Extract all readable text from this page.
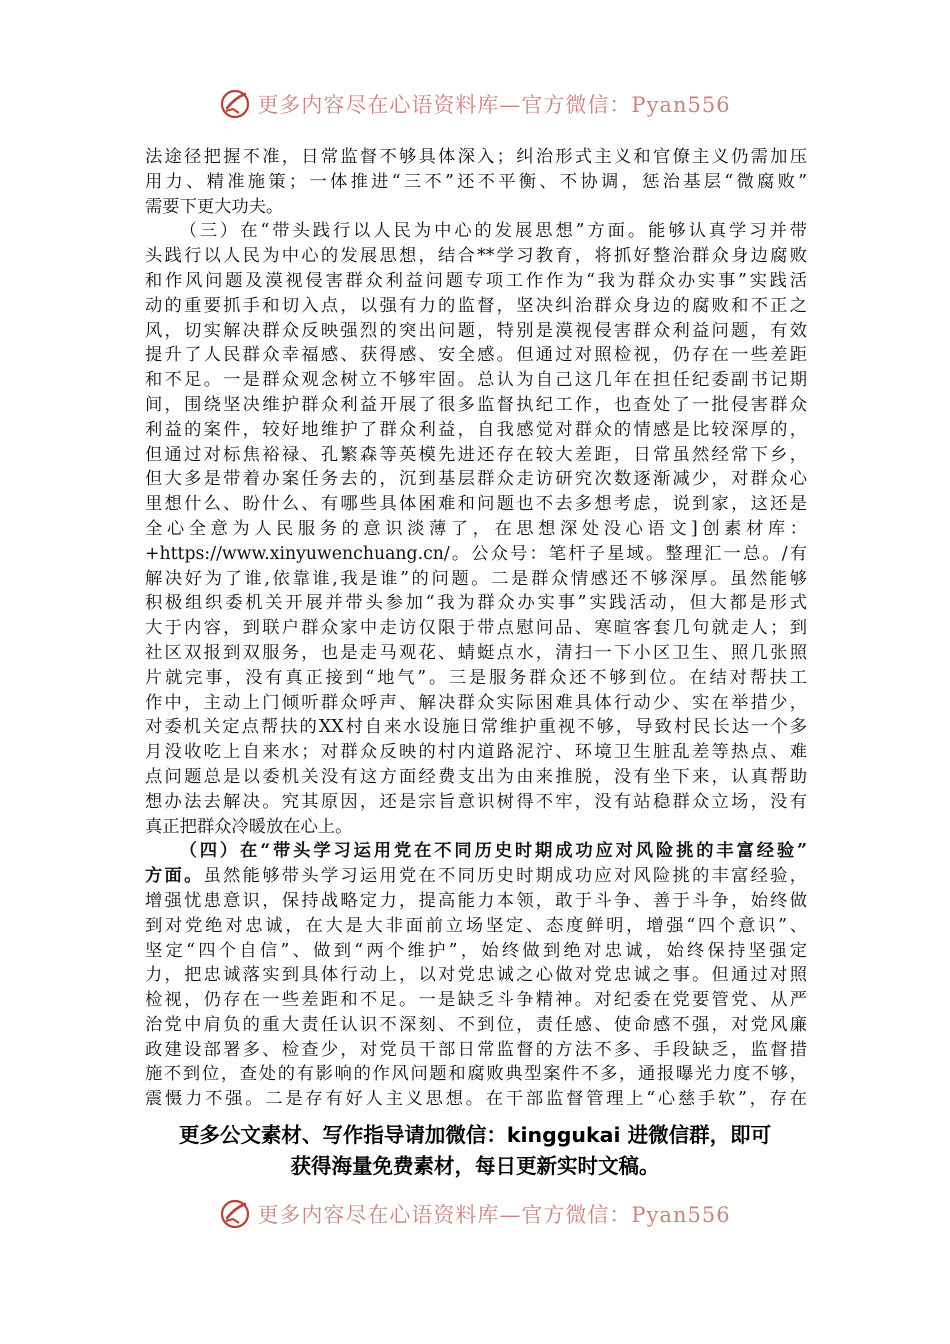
更多内容尽在心语资料库—官方微信：Pyan556
法途径把握不准，日常监督不够具体深入；纠治形式主义和官僚主义仍需加压
用力、精准施策；一体推进“三不”还不平衡、不协调，惩治基层“微腐败”
需要下更大功夫。
（三）在“带头践行以人民为中心的发展思想”方面。能够认真学习并带
头践行以人民为中心的发展思想，结合**学习教育，将抓好整治群众身边腐败
和作风问题及漠视侵害群众利益问题专项工作作为“我为群众办实事”实践活
动的重要抓手和切入点，以强有力的监督，坚决纠治群众身边的腐败和不正之
风，切实解决群众反映强烈的突出问题，特别是漠视侵害群众利益问题，有效
提升了人民群众幸福感、获得感、安全感。但通过对照检视，仍存在一些差距
和不足。一是群众观念树立不够牢固。总认为自己这几年在担任纪委副书记期
间，围绕坚决维护群众利益开展了很多监督执纪工作，也查处了一批侵害群众
利益的案件，较好地维护了群众利益，自我感觉对群众的情感是比较深厚的，
但通过对标焦裕禄、孔繁森等英模先进还存在较大差距，日常虽然经常下乡，
但大多是带着办案任务去的，沉到基层群众走访研究次数逐渐减少，对群众心
里想什么、盼什么、有哪些具体困难和问题也不去多想考虑，说到家，这还是
全心全意为人民服务的意识淡薄了，在思想深处没心语文]创素材库：
+https://www.xinyuwenchuang.cn/。公众号：笔杆子星域。整理汇一总。/有
解决好为了谁,依靠谁,我是谁”的问题。二是群众情感还不够深厚。虽然能够
积极组织委机关开展并带头参加“我为群众办实事”实践活动，但大都是形式
大于内容，到联户群众家中走访仅限于带点慰问品、寒暄客套几句就走人；到
社区双报到双服务，也是走马观花、蜻蜓点水，清扫一下小区卫生、照几张照
片就完事，没有真正接到“地气”。三是服务群众还不够到位。在结对帮扶工
作中，主动上门倾听群众呼声、解决群众实际困难具体行动少、实在举措少，
对委机关定点帮扶的XX村自来水设施日常维护重视不够，导致村民长达一个多
月没收吃上自来水；对群众反映的村内道路泥泞、环境卫生脏乱差等热点、难
点问题总是以委机关没有这方面经费支出为由来推脱，没有坐下来，认真帮助
想办法去解决。究其原因，还是宗旨意识树得不牢，没有站稳群众立场，没有
真正把群众冷暖放在心上。
（四）在“带头学习运用党在不同历史时期成功应对风险挑的丰富经验”
方面。虽然能够带头学习运用党在不同历史时期成功应对风险挑的丰富经验，
增强忧患意识，保持战略定力，提高能力本领，敢于斗争、善于斗争，始终做
到对党绝对忠诚，在大是大非面前立场坚定、态度鲜明，增强“四个意识”、
坚定“四个自信”、做到“两个维护”，始终做到绝对忠诚，始终保持坚强定
力，把忠诚落实到具体行动上，以对党忠诚之心做对党忠诚之事。但通过对照
检视，仍存在一些差距和不足。一是缺乏斗争精神。对纪委在党要管党、从严
治党中肩负的重大责任认识不深刻、不到位，责任感、使命感不强，对党风廉
政建设部署多、检查少，对党员干部日常监督的方法不多、手段缺乏，监督措
施不到位，查处的有影响的作风问题和腐败典型案件不多，通报曝光力度不够，
震慑力不强。二是存有好人主义思想。在干部监督管理上“心慈手软”，存在
更多公文素材、写作指导请加微信：kinggukai 进微信群，即可
获得海量免费素材，每日更新实时文稿。
更多内容尽在心语资料库—官方微信：Pyan556
